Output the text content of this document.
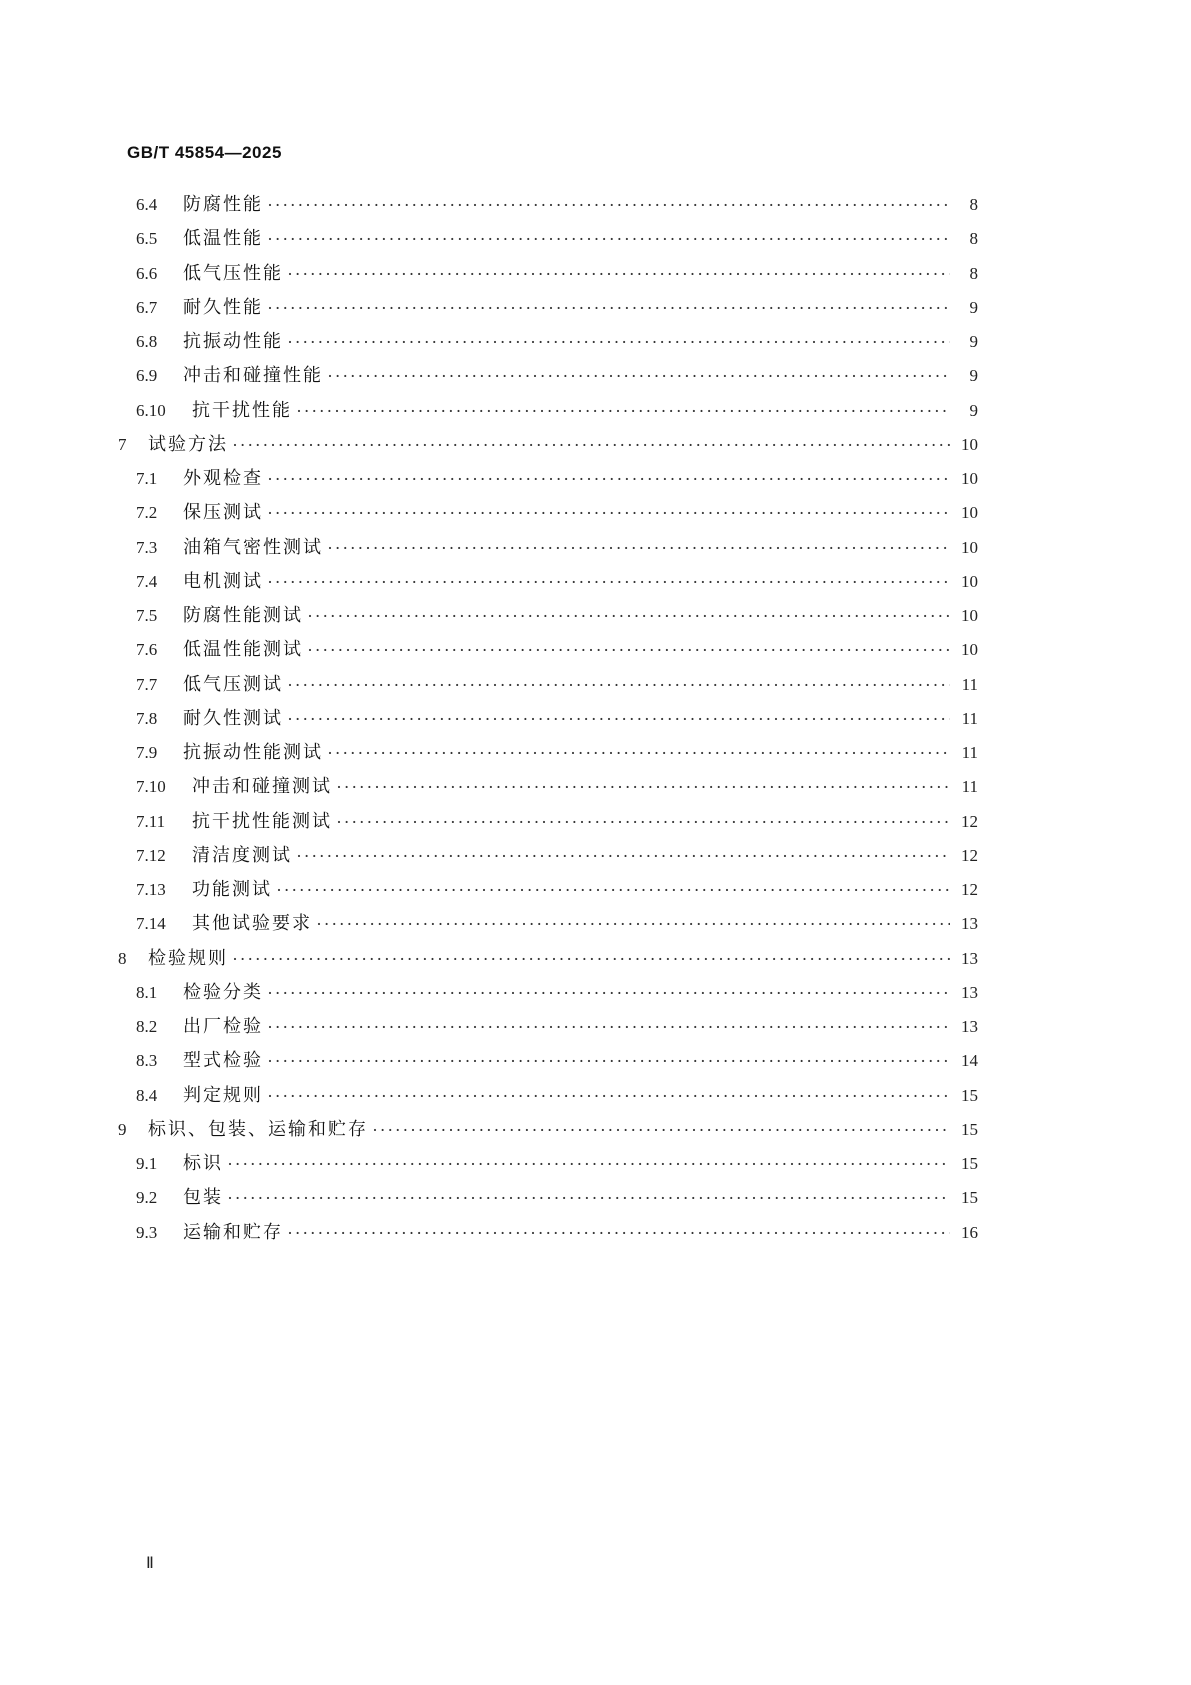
GB/T 45854—2025
6.4	防腐性能 ·····	8
6.5	低温性能 ·····	8
6.6	低气压性能 ·····	8
6.7	耐久性能 ·····	9
6.8	抗振动性能 ·····	9
6.9	冲击和碰撞性能 ·····	9
6.10	抗干扰性能 ·····	9
7	试验方法 ·····	10
7.1	外观检查 ·····	10
7.2	保压测试 ·····	10
7.3	油箱气密性测试 ·····	10
7.4	电机测试 ·····	10
7.5	防腐性能测试 ·····	10
7.6	低温性能测试 ·····	10
7.7	低气压测试 ·····	11
7.8	耐久性测试 ·····	11
7.9	抗振动性能测试 ·····	11
7.10	冲击和碰撞测试 ·····	11
7.11	抗干扰性能测试 ·····	12
7.12	清洁度测试 ·····	12
7.13	功能测试 ·····	12
7.14	其他试验要求 ·····	13
8	检验规则 ·····	13
8.1	检验分类 ·····	13
8.2	出厂检验 ·····	13
8.3	型式检验 ·····	14
8.4	判定规则 ·····	15
9	标识、包装、运输和贮存 ·····	15
9.1	标识 ·····	15
9.2	包装 ·····	15
9.3	运输和贮存 ·····	16
Ⅱ
